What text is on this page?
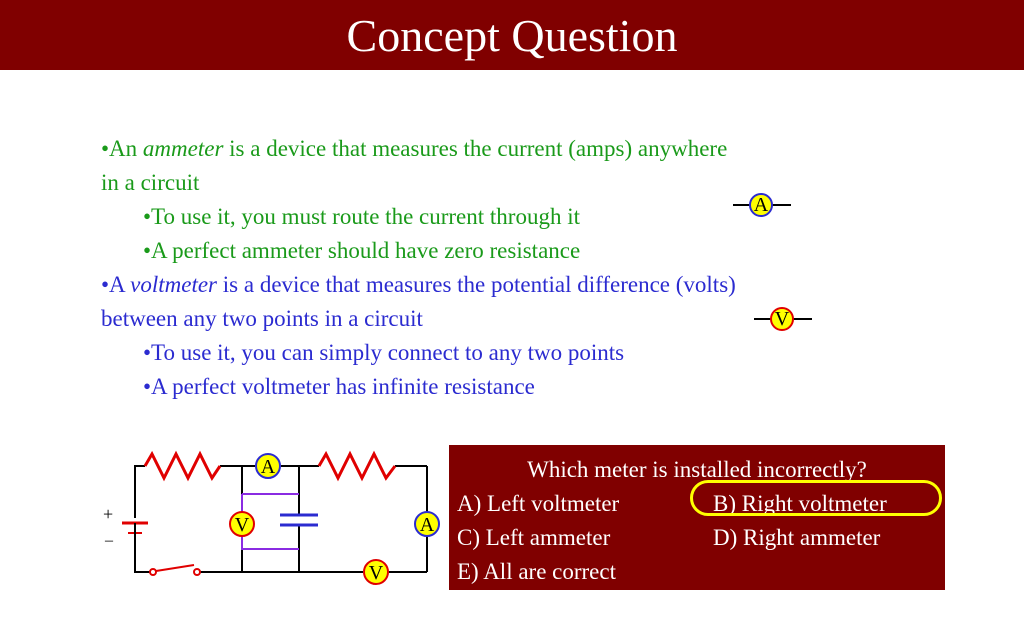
Concept Question
•An ammeter is a device that measures the current (amps) anywhere
in a circuit
•To use it, you must route the current through it
•A perfect ammeter should have zero resistance
•A voltmeter is a device that measures the potential difference (volts)
between any two points in a circuit
•To use it, you can simply connect to any two points
•A perfect voltmeter has infinite resistance
A
V
+
–
A
V	A
V
Which meter is installed incorrectly?
A) Left voltmeter	B) Right voltmeter
C) Left ammeter	D) Right ammeter
E) All are correct
